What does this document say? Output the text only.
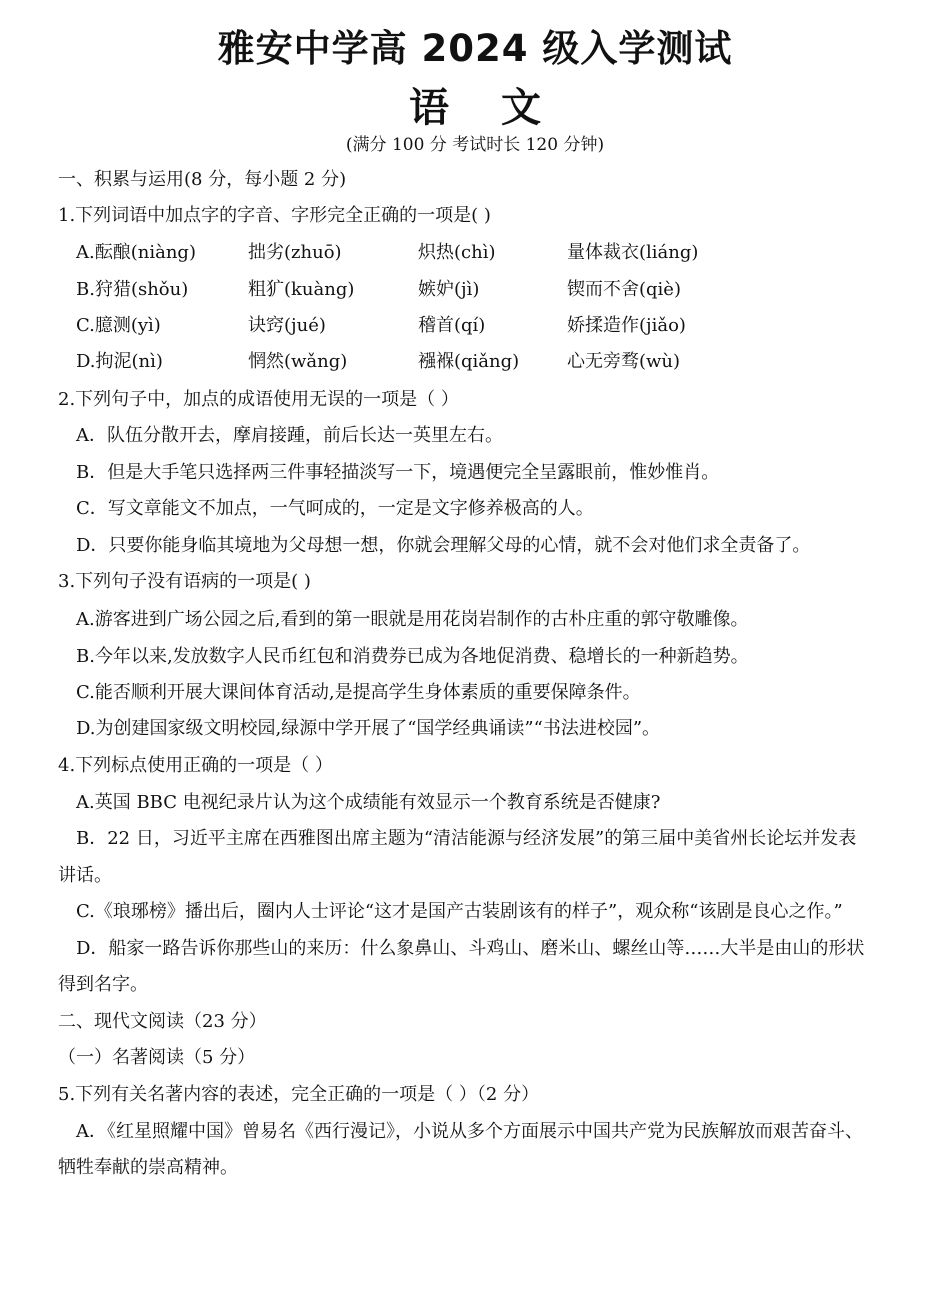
雅安中学高 2024 级入学测试
语 文
(满分 100 分 考试时长 120 分钟)
一、积累与运用(8 分，每小题 2 分)
1.下列词语中加点字的字音、字形完全正确的一项是( )
A.酝酿(niàng)	拙劣(zhuō)	炽热(chì)	量体裁衣(liáng)
B.狩猎(shǒu)	粗犷(kuàng)	嫉妒(jì)	锲而不舍(qiè)
C.臆测(yì)	诀窍(jué)	稽首(qí)	娇揉造作(jiǎo)
D.拘泥(nì)	惘然(wǎng)	襁褓(qiǎng)	心无旁骛(wù)
2.下列句子中，加点的成语使用无误的一项是（ ）
A．队伍分散开去，摩肩接踵，前后长达一英里左右。
B．但是大手笔只选择两三件事轻描淡写一下，境遇便完全呈露眼前，惟妙惟肖。
C．写文章能文不加点，一气呵成的，一定是文字修养极高的人。
D．只要你能身临其境地为父母想一想，你就会理解父母的心情，就不会对他们求全责备了。
3.下列句子没有语病的一项是( )
A.游客进到广场公园之后,看到的第一眼就是用花岗岩制作的古朴庄重的郭守敬雕像。
B.今年以来,发放数字人民币红包和消费券已成为各地促消费、稳增长的一种新趋势。
C.能否顺利开展大课间体育活动,是提高学生身体素质的重要保障条件。
D.为创建国家级文明校园,绿源中学开展了“国学经典诵读”“书法进校园”。
4.下列标点使用正确的一项是（ ）
A.英国 BBC 电视纪录片认为这个成绩能有效显示一个教育系统是否健康?
B．22 日，习近平主席在西雅图出席主题为“清洁能源与经济发展”的第三届中美省州长论坛并发表
讲话。
C.《琅琊榜》播出后，圈内人士评论“这才是国产古装剧该有的样子”，观众称“该剧是良心之作。”
D．船家一路告诉你那些山的来历：什么象鼻山、斗鸡山、磨米山、螺丝山等……大半是由山的形状
得到名字。
二、现代文阅读（23 分）
（一）名著阅读（5 分）
5.下列有关名著内容的表述，完全正确的一项是（ ）（2 分）
A．《红星照耀中国》曾易名《西行漫记》，小说从多个方面展示中国共产党为民族解放而艰苦奋斗、
牺牲奉献的崇高精神。
